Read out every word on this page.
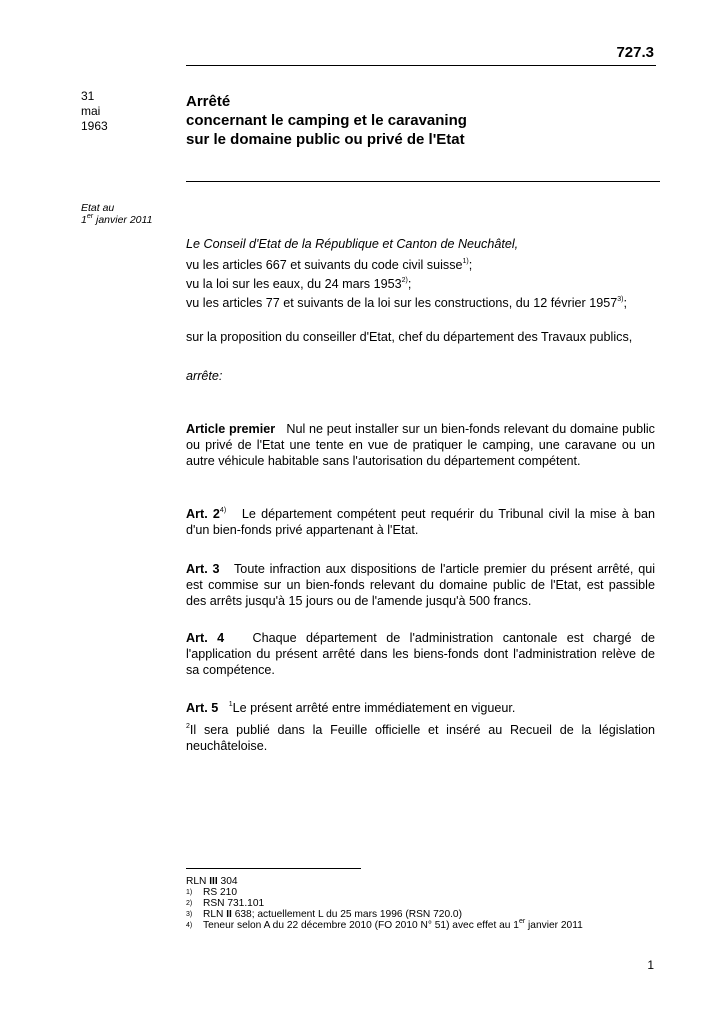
727.3
31
mai
1963
Arrêté
concernant le camping et le caravaning
sur le domaine public ou privé de l'Etat
Etat au
1er janvier 2011
Le Conseil d'Etat de la République et Canton de Neuchâtel,
vu les articles 667 et suivants du code civil suisse$^{1)}$;
vu la loi sur les eaux, du 24 mars 1953$^{2)}$;
vu les articles 77 et suivants de la loi sur les constructions, du 12 février 1957$^{3)}$;
sur la proposition du conseiller d'Etat, chef du département des Travaux publics,
arrête:
Article premier Nul ne peut installer sur un bien-fonds relevant du domaine public ou privé de l'Etat une tente en vue de pratiquer le camping, une caravane ou un autre véhicule habitable sans l'autorisation du département compétent.
Art. 2$^{4)}$ Le département compétent peut requérir du Tribunal civil la mise à ban d'un bien-fonds privé appartenant à l'Etat.
Art. 3 Toute infraction aux dispositions de l'article premier du présent arrêté, qui est commise sur un bien-fonds relevant du domaine public de l'Etat, est passible des arrêts jusqu'à 15 jours ou de l'amende jusqu'à 500 francs.
Art. 4 Chaque département de l'administration cantonale est chargé de l'application du présent arrêté dans les biens-fonds dont l'administration relève de sa compétence.
Art. 5 $^1$Le présent arrêté entre immédiatement en vigueur.
$^2$Il sera publié dans la Feuille officielle et inséré au Recueil de la législation neuchâteloise.
RLN III 304
1) RS 210
2) RSN 731.101
3) RLN II 638; actuellement L du 25 mars 1996 (RSN 720.0)
4) Teneur selon A du 22 décembre 2010 (FO 2010 N° 51) avec effet au 1er janvier 2011
1
